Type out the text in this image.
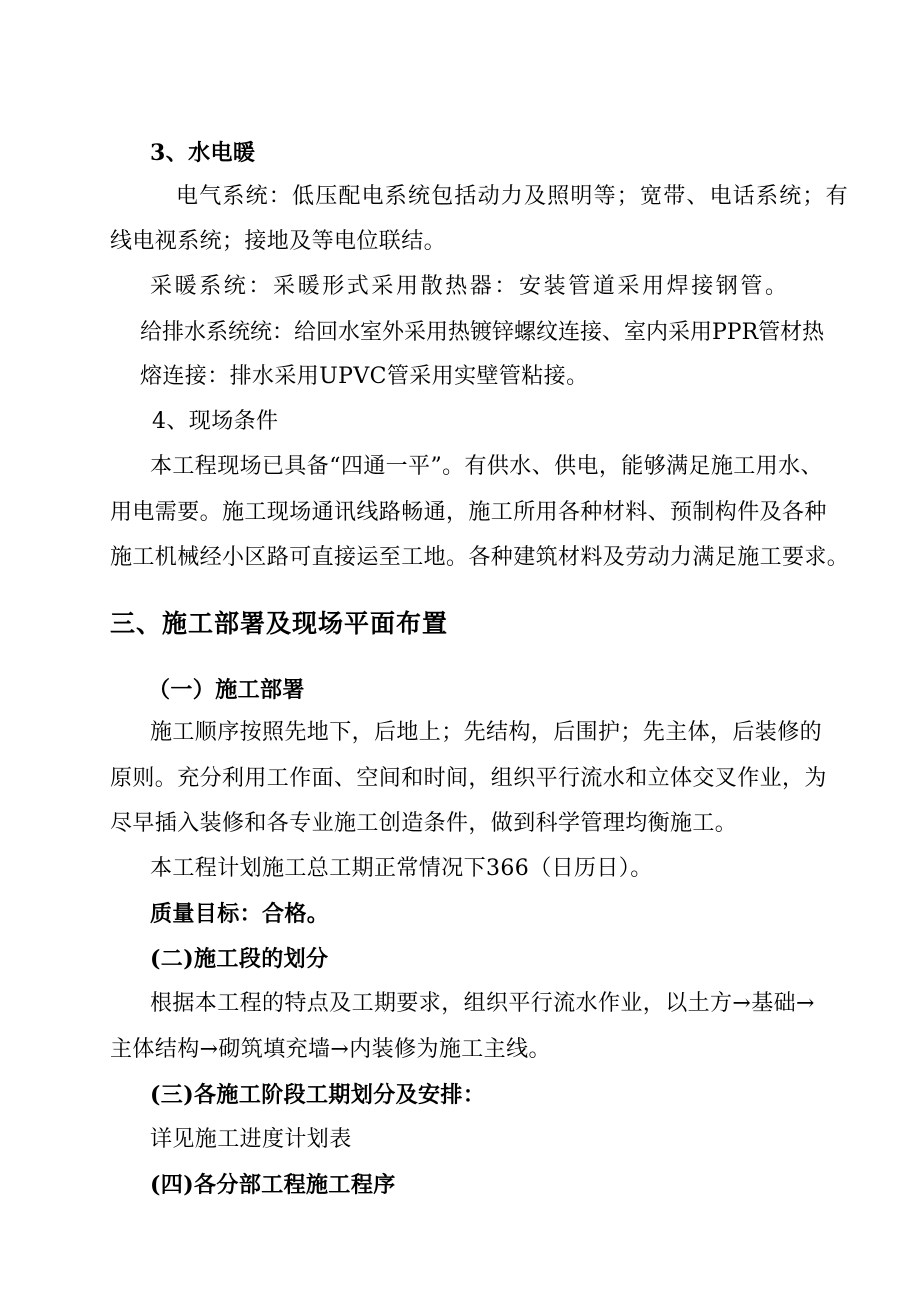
3、水电暖
电气系统：低压配电系统包括动力及照明等；宽带、电话系统；有
线电视系统；接地及等电位联结。
采暖系统：采暖形式采用散热器：安装管道采用焊接钢管。
给排水系统统：给回水室外采用热镀锌螺纹连接、室内采用PPR管材热
熔连接：排水采用UPVC管采用实壁管粘接。
4、现场条件
本工程现场已具备“四通一平”。有供水、供电，能够满足施工用水、
用电需要。施工现场通讯线路畅通，施工所用各种材料、预制构件及各种
施工机械经小区路可直接运至工地。各种建筑材料及劳动力满足施工要求。
三、施工部署及现场平面布置
（一）施工部署
施工顺序按照先地下，后地上；先结构，后围护；先主体，后装修的
原则。充分利用工作面、空间和时间，组织平行流水和立体交叉作业，为
尽早插入装修和各专业施工创造条件，做到科学管理均衡施工。
本工程计划施工总工期正常情况下366（日历日）。
质量目标：合格。
(二)施工段的划分
根据本工程的特点及工期要求，组织平行流水作业，以土方→基础→
主体结构→砌筑填充墙→内装修为施工主线。
(三)各施工阶段工期划分及安排：
详见施工进度计划表
(四)各分部工程施工程序
